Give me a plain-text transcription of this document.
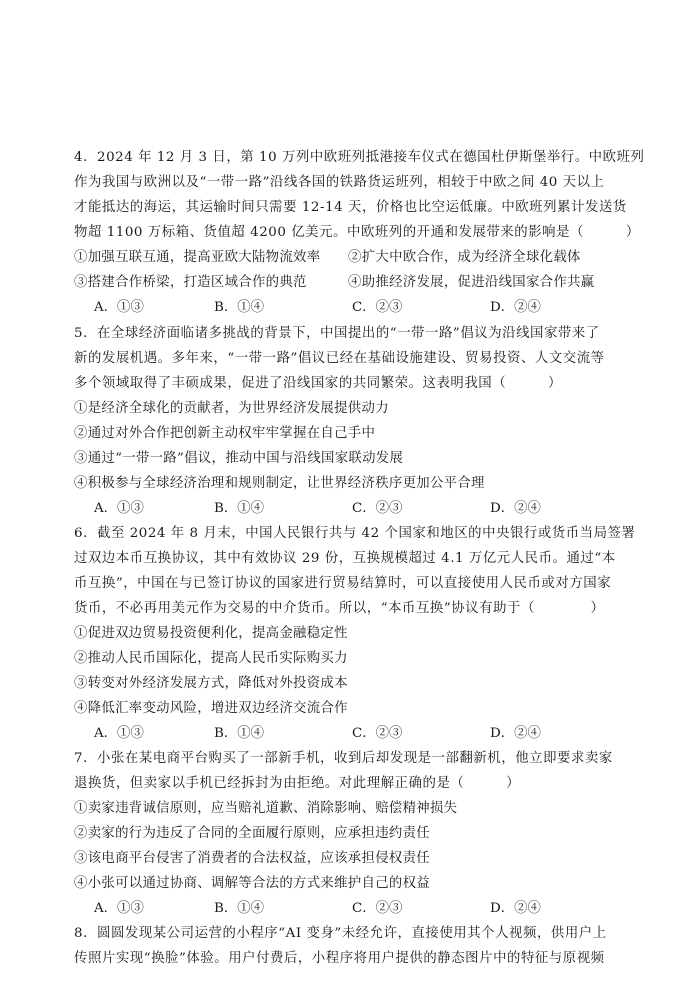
4．2024 年 12 月 3 日，第 10 万列中欧班列抵港接车仪式在德国杜伊斯堡举行。中欧班列
作为我国与欧洲以及“一带一路”沿线各国的铁路货运班列，相较于中欧之间 40 天以上
才能抵达的海运，其运输时间只需要 12-14 天，价格也比空运低廉。中欧班列累计发送货
物超 1100 万标箱、货值超 4200 亿美元。中欧班列的开通和发展带来的影响是（　　　）
①加强互联互通，提高亚欧大陆物流效率 ②扩大中欧合作，成为经济全球化载体
③搭建合作桥梁，打造区域合作的典范	④助推经济发展，促进沿线国家合作共赢
A．①③	B．①④	C．②③	D．②④
5．在全球经济面临诸多挑战的背景下，中国提出的“一带一路”倡议为沿线国家带来了
新的发展机遇。多年来，“一带一路”倡议已经在基础设施建设、贸易投资、人文交流等
多个领域取得了丰硕成果，促进了沿线国家的共同繁荣。这表明我国（　　　）
①是经济全球化的贡献者，为世界经济发展提供动力
②通过对外合作把创新主动权牢牢掌握在自己手中
③通过“一带一路”倡议，推动中国与沿线国家联动发展
④积极参与全球经济治理和规则制定，让世界经济秩序更加公平合理
A．①③	B．①④	C．②③	D．②④
6．截至 2024 年 8 月末，中国人民银行共与 42 个国家和地区的中央银行或货币当局签署
过双边本币互换协议，其中有效协议 29 份，互换规模超过 4.1 万亿元人民币。通过“本
币互换”，中国在与已签订协议的国家进行贸易结算时，可以直接使用人民币或对方国家
货币，不必再用美元作为交易的中介货币。所以，“本币互换”协议有助于（　　　　）
①促进双边贸易投资便利化，提高金融稳定性
②推动人民币国际化，提高人民币实际购买力
③转变对外经济发展方式，降低对外投资成本
④降低汇率变动风险，增进双边经济交流合作
A．①③	B．①④	C．②③	D．②④
7．小张在某电商平台购买了一部新手机，收到后却发现是一部翻新机，他立即要求卖家
退换货，但卖家以手机已经拆封为由拒绝。对此理解正确的是（　　　）
①卖家违背诚信原则，应当赔礼道歉、消除影响、赔偿精神损失
②卖家的行为违反了合同的全面履行原则，应承担违约责任
③该电商平台侵害了消费者的合法权益，应该承担侵权责任
④小张可以通过协商、调解等合法的方式来维护自己的权益
A．①③	B．①④	C．②③	D．②④
8．圆圆发现某公司运营的小程序“AI 变身”未经允许，直接使用其个人视频，供用户上
传照片实现“换脸”体验。用户付费后，小程序将用户提供的静态图片中的特征与原视频
